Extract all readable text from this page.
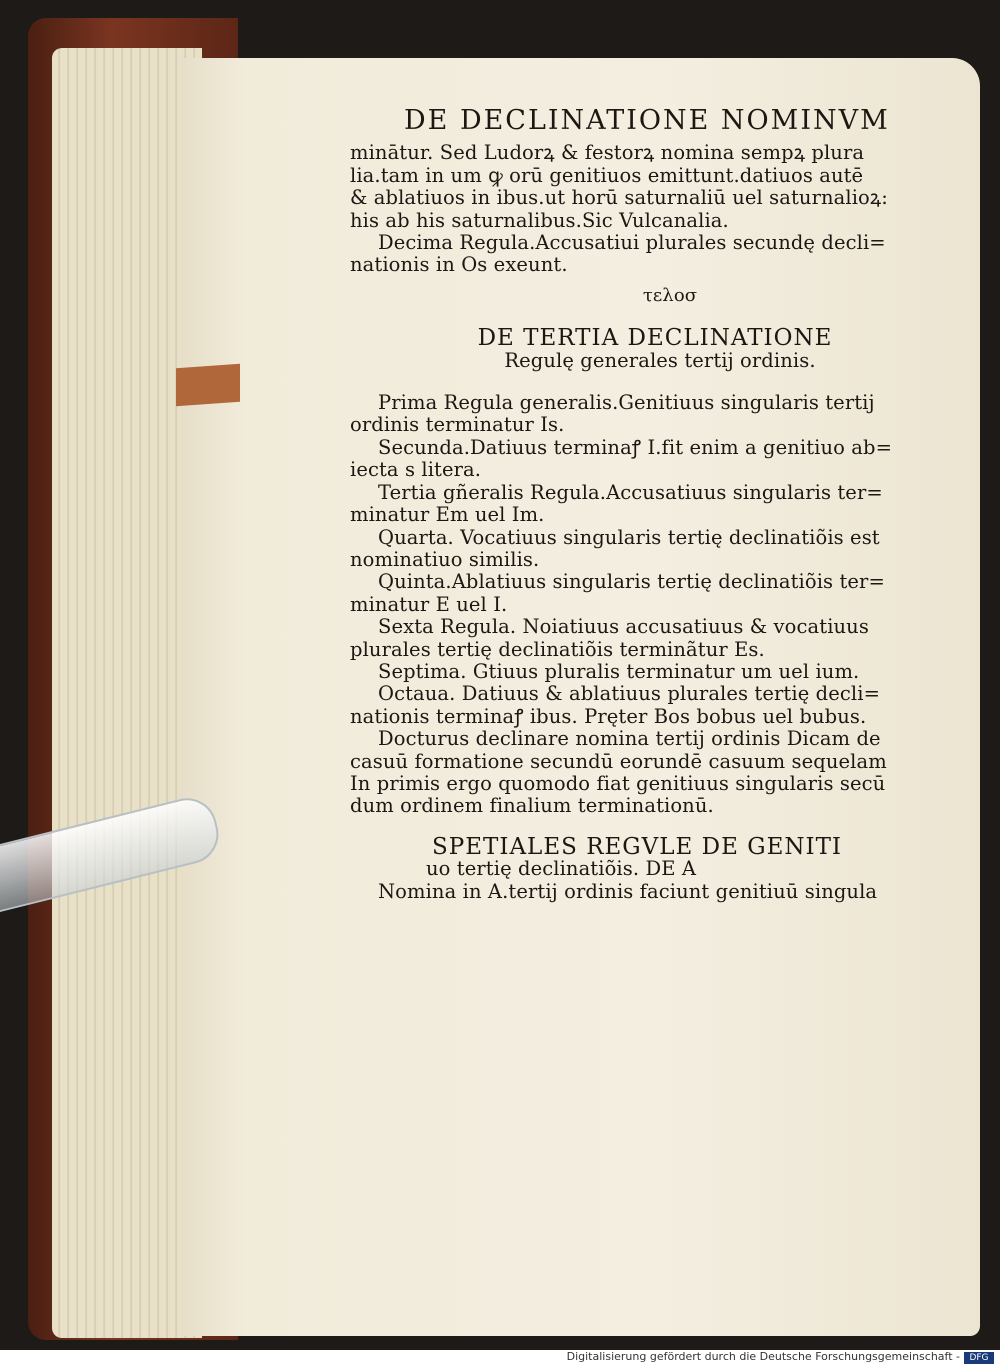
DE DECLINATIONE NOMINVM
minātur. Sed Ludorꝝ & festorꝝ nomina sempꝝ plura
lia.tam in um ꝙ orū genitiuos emittunt.datiuos autē
& ablatiuos in ibus.ut horū saturnaliū uel saturnalioꝝ:
his ab his saturnalibus.Sic Vulcanalia.
Decima Regula.Accusatiui plurales secundę decli=
nationis in Os exeunt.
τελοσ
DE TERTIA DECLINATIONE
Regulę generales tertij ordinis.
Prima Regula generalis.Genitiuus singularis tertij
ordinis terminatur Is.
Secunda.Datiuus terminaꝭ I.fit enim a genitiuo ab=
iecta s litera.
Tertia gñeralis Regula.Accusatiuus singularis ter=
minatur Em uel Im.
Quarta. Vocatiuus singularis tertię declinatiõis est
nominatiuo similis.
Quinta.Ablatiuus singularis tertię declinatiõis ter=
minatur E uel I.
Sexta Regula. Noiatiuus accusatiuus & vocatiuus
plurales tertię declinatiõis terminãtur Es.
Septima. Gtiuus pluralis terminatur um uel ium.
Octaua. Datiuus & ablatiuus plurales tertię decli=
nationis terminaꝭ ibus. Pręter Bos bobus uel bubus.
Docturus declinare nomina tertij ordinis Dicam de
casuū formatione secundū eorundē casuum sequelam
In primis ergo quomodo fiat genitiuus singularis secū
dum ordinem finalium terminationū.
SPETIALES REGVLE DE GENITI
uo tertię declinatiõis. DE A
Nomina in A.tertij ordinis faciunt genitiuū singula
Digitalisierung gefördert durch die Deutsche Forschungsgemeinschaft -	DFG
